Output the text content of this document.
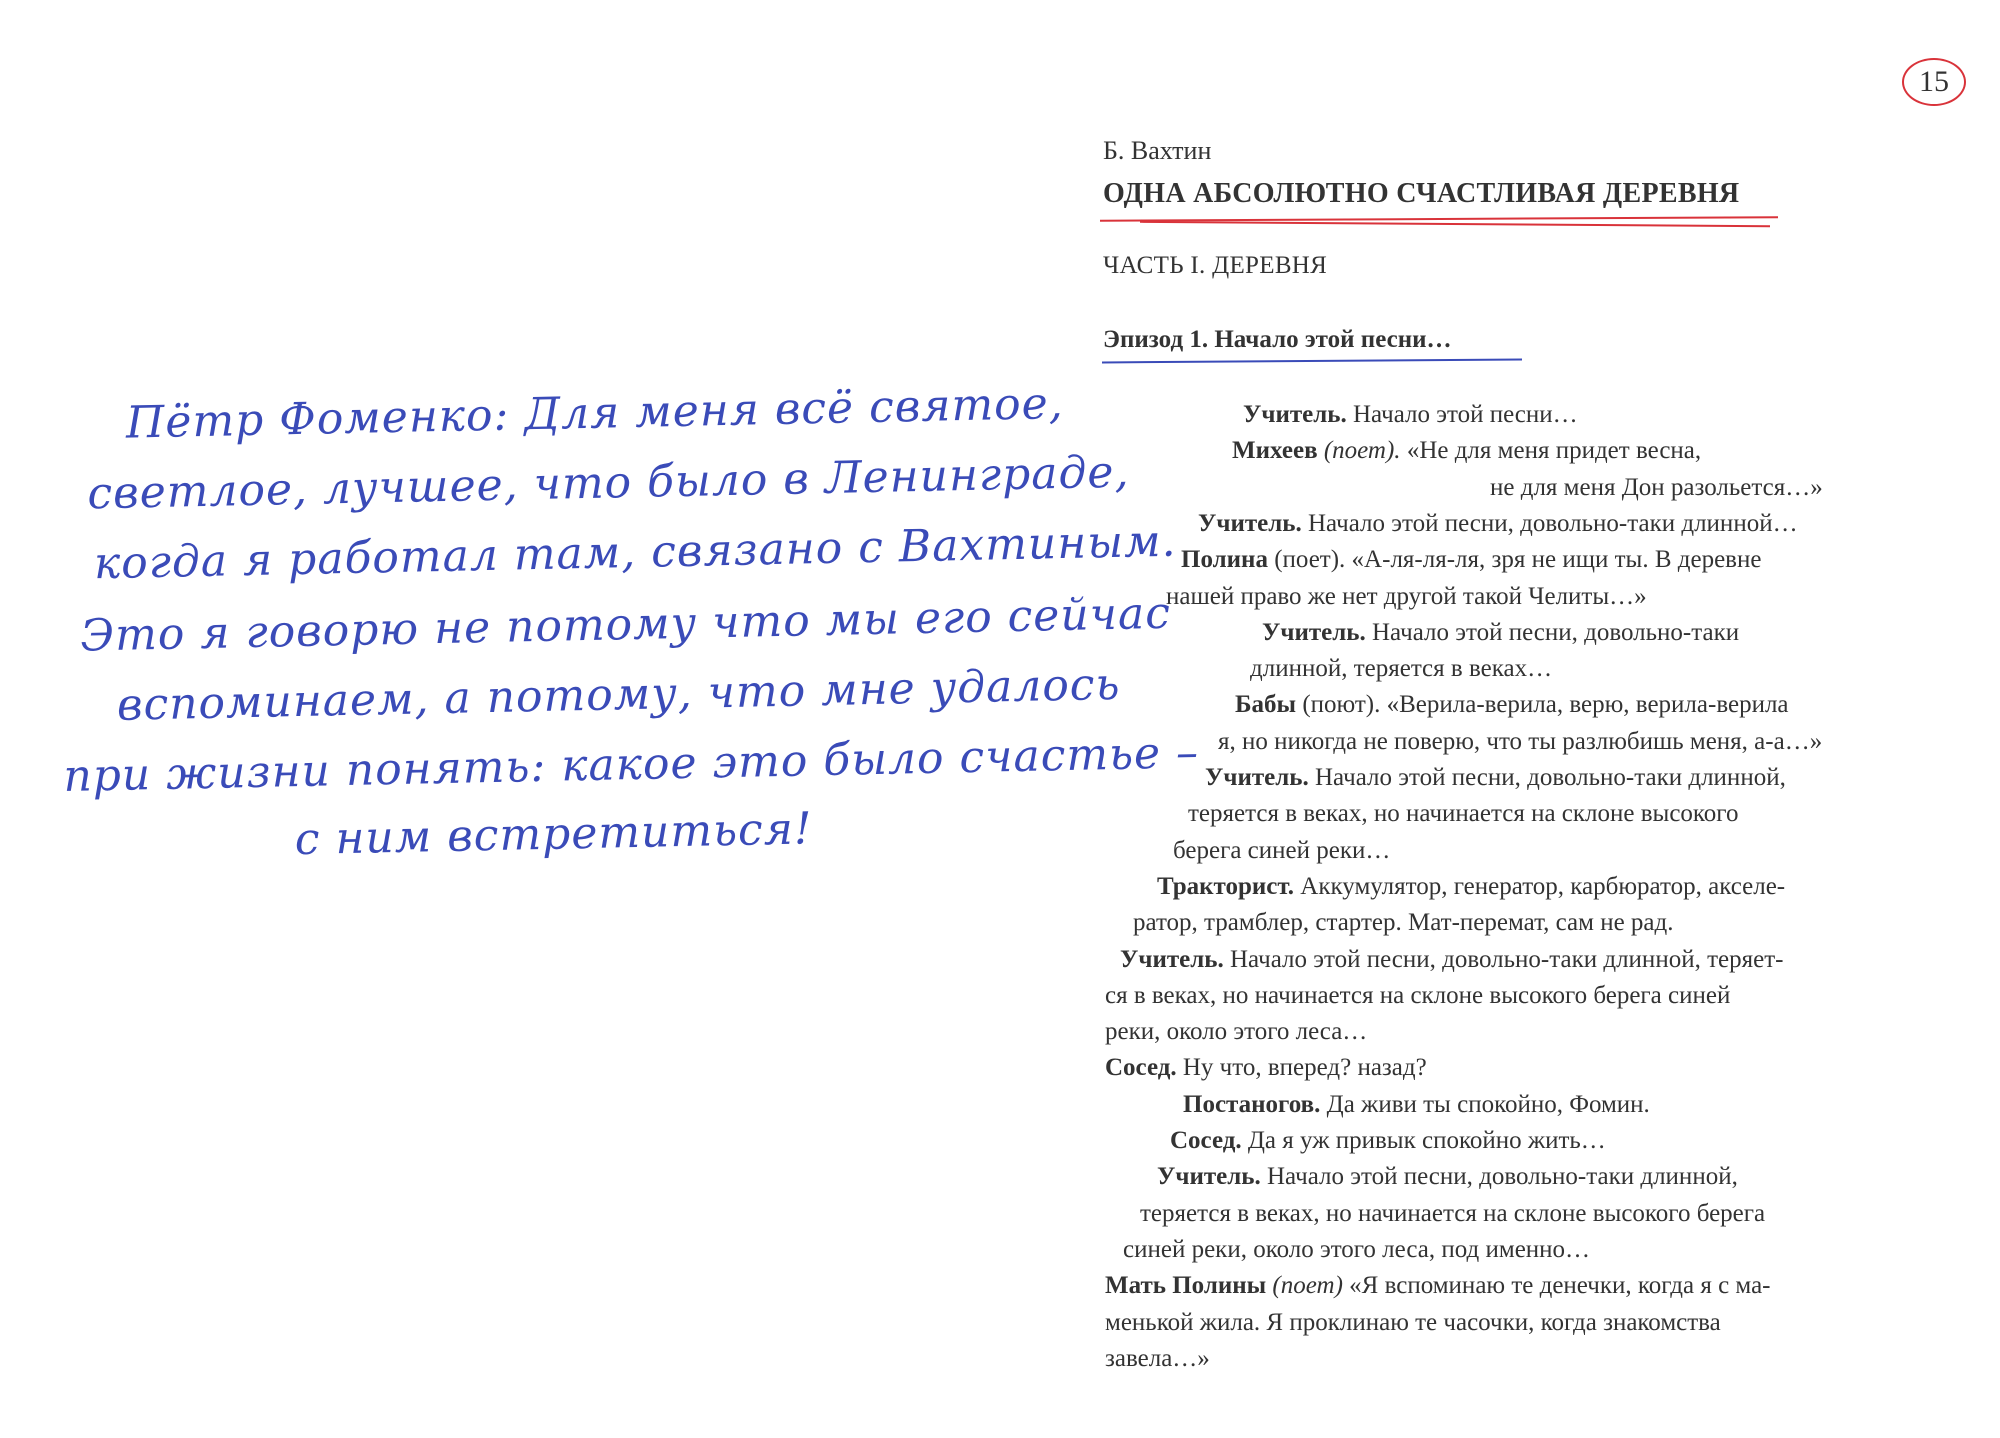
Пётр Фоменко: Для меня всё святое,
светлое, лучшее, что было в Ленинграде,
когда я работал там, связано с Вахтиным.
Это я говорю не потому что мы его сейчас
вспоминаем, а потому, что мне удалось
при жизни понять: какое это было счастье –
с ним встретиться!
15
Б. Вахтин
ОДНА АБСОЛЮТНО СЧАСТЛИВАЯ ДЕРЕВНЯ
ЧАСТЬ I. ДЕРЕВНЯ
Эпизод 1. Начало этой песни…
Учитель. Начало этой песни…
Михеев (поет). «Не для меня придет весна,
не для меня Дон разольется…»
Учитель. Начало этой песни, довольно-таки длинной…
Полина (поет). «А-ля-ля-ля, зря не ищи ты. В деревне
нашей право же нет другой такой Челиты…»
Учитель. Начало этой песни, довольно-таки
длинной, теряется в веках…
Бабы (поют). «Верила-верила, верю, верила-верила
я, но никогда не поверю, что ты разлюбишь меня, а-а…»
Учитель. Начало этой песни, довольно-таки длинной,
теряется в веках, но начинается на склоне высокого
берега синей реки…
Тракторист. Аккумулятор, генератор, карбюратор, акселе-
ратор, трамблер, стартер. Мат-перемат, сам не рад.
Учитель. Начало этой песни, довольно-таки длинной, теряет-
ся в веках, но начинается на склоне высокого берега синей
реки, около этого леса…
Сосед. Ну что, вперед? назад?
Постаногов. Да живи ты спокойно, Фомин.
Сосед. Да я уж привык спокойно жить…
Учитель. Начало этой песни, довольно-таки длинной,
теряется в веках, но начинается на склоне высокого берега
синей реки, около этого леса, под именно…
Мать Полины (поет) «Я вспоминаю те денечки, когда я с ма-
менькой жила. Я проклинаю те часочки, когда знакомства
завела…»
